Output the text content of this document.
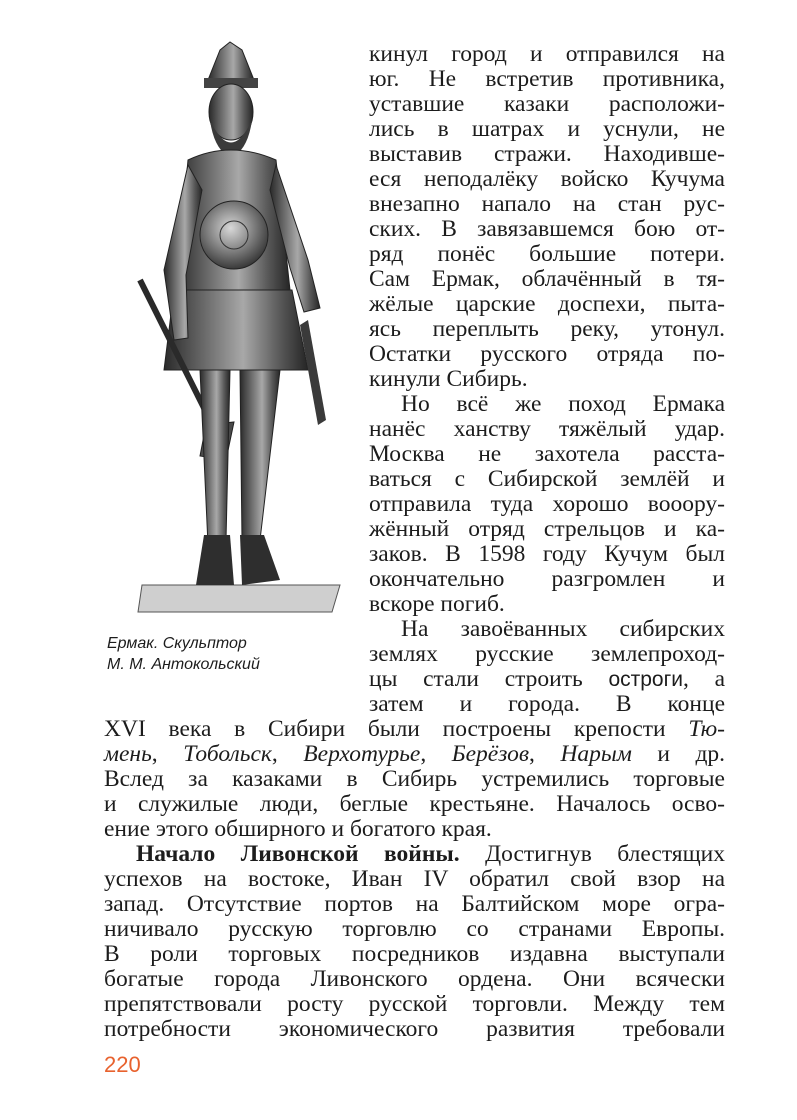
Ермак. Скульптор
М. М. Антокольский
кинул город и отправился на
юг. Не встретив противника,
уставшие казаки расположи-
лись в шатрах и уснули, не
выставив стражи. Находивше-
еся неподалёку войско Кучума
внезапно напало на стан рус-
ских. В завязавшемся бою от-
ряд понёс большие потери.
Сам Ермак, облачённый в тя-
жёлые царские доспехи, пыта-
ясь переплыть реку, утонул.
Остатки русского отряда по-
кинули Сибирь.
Но всё же поход Ермака
нанёс ханству тяжёлый удар.
Москва не захотела расста-
ваться с Сибирской землёй и
отправила туда хорошо вооору-
жённый отряд стрельцов и ка-
заков. В 1598 году Кучум был
окончательно разгромлен и
вскоре погиб.
На завоёванных сибирских
землях русские землепроход-
цы стали строить остроги, а
затем и города. В конце
XVI века в Сибири были построены крепости Тю-
мень, Тобольск, Верхотурье, Берёзов, Нарым и др.
Вслед за казаками в Сибирь устремились торговые
и служилые люди, беглые крестьяне. Началось осво-
ение этого обширного и богатого края.
Начало Ливонской войны. Достигнув блестящих
успехов на востоке, Иван IV обратил свой взор на
запад. Отсутствие портов на Балтийском море огра-
ничивало русскую торговлю со странами Европы.
В роли торговых посредников издавна выступали
богатые города Ливонского ордена. Они всячески
препятствовали росту русской торговли. Между тем
потребности экономического развития требовали
220
